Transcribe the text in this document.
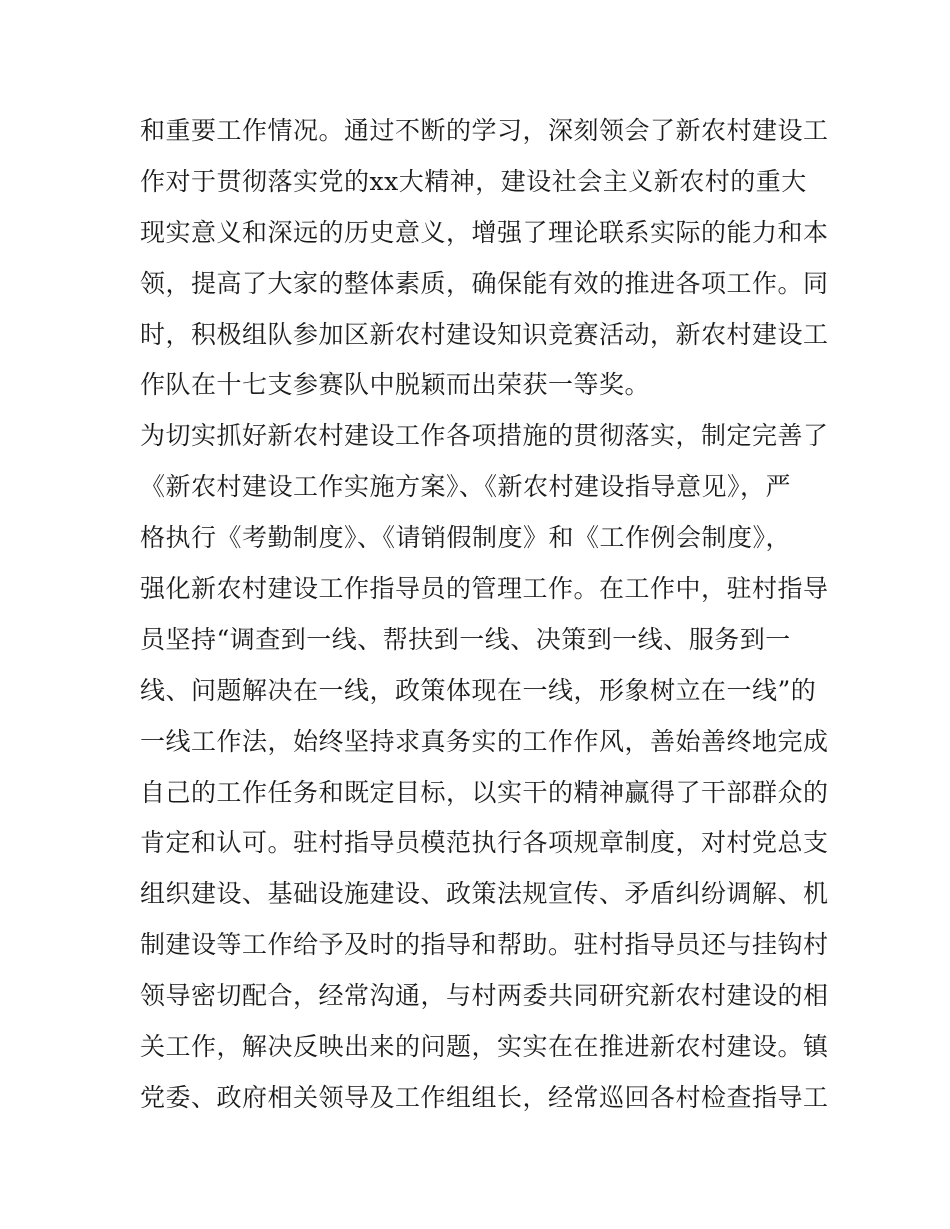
和重要工作情况。通过不断的学习，深刻领会了新农村建设工
作对于贯彻落实党的xx大精神，建设社会主义新农村的重大
现实意义和深远的历史意义，增强了理论联系实际的能力和本
领，提高了大家的整体素质，确保能有效的推进各项工作。同
时，积极组队参加区新农村建设知识竞赛活动，新农村建设工
作队在十七支参赛队中脱颖而出荣获一等奖。
为切实抓好新农村建设工作各项措施的贯彻落实，制定完善了
《新农村建设工作实施方案》、《新农村建设指导意见》，严
格执行《考勤制度》、《请销假制度》和《工作例会制度》，
强化新农村建设工作指导员的管理工作。在工作中，驻村指导
员坚持“调查到一线、帮扶到一线、决策到一线、服务到一
线、问题解决在一线，政策体现在一线，形象树立在一线”的
一线工作法，始终坚持求真务实的工作作风，善始善终地完成
自己的工作任务和既定目标，以实干的精神赢得了干部群众的
肯定和认可。驻村指导员模范执行各项规章制度，对村党总支
组织建设、基础设施建设、政策法规宣传、矛盾纠纷调解、机
制建设等工作给予及时的指导和帮助。驻村指导员还与挂钩村
领导密切配合，经常沟通，与村两委共同研究新农村建设的相
关工作，解决反映出来的问题，实实在在推进新农村建设。镇
党委、政府相关领导及工作组组长，经常巡回各村检查指导工
